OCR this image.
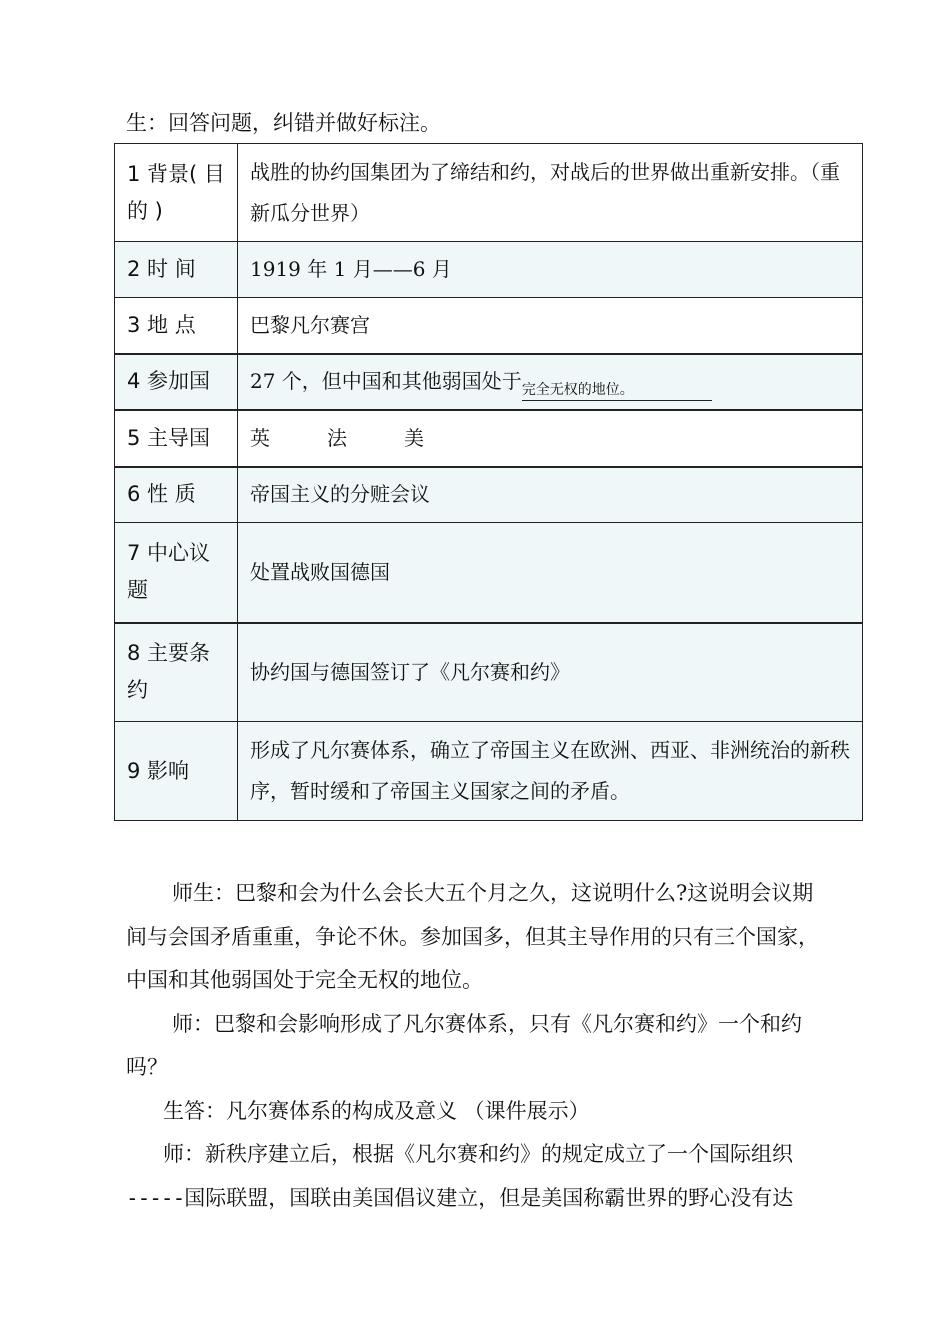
生：回答问题，纠错并做好标注。
1 背景( 目的 )	战胜的协约国集团为了缔结和约，对战后的世界做出重新安排。（重新瓜分世界）
2 时 间	1919 年 1 月——6 月
3 地 点	巴黎凡尔赛宫
4 参加国	27 个，但中国和其他弱国处于完全无权的地位。
5 主导国	英 法 美
6 性 质	帝国主义的分赃会议
7 中心议题	处置战败国德国
8 主要条约	协约国与德国签订了《凡尔赛和约》
9 影响	形成了凡尔赛体系，确立了帝国主义在欧洲、西亚、非洲统治的新秩序，暂时缓和了帝国主义国家之间的矛盾。

师生：巴黎和会为什么会长大五个月之久，这说明什么?这说明会议期间与会国矛盾重重，争论不休。参加国多，但其主导作用的只有三个国家，中国和其他弱国处于完全无权的地位。

师：巴黎和会影响形成了凡尔赛体系，只有《凡尔赛和约》一个和约吗？

生答：凡尔赛体系的构成及意义 （课件展示）

师：新秩序建立后，根据《凡尔赛和约》的规定成立了一个国际组织

-----国际联盟，国联由美国倡议建立，但是美国称霸世界的野心没有达
